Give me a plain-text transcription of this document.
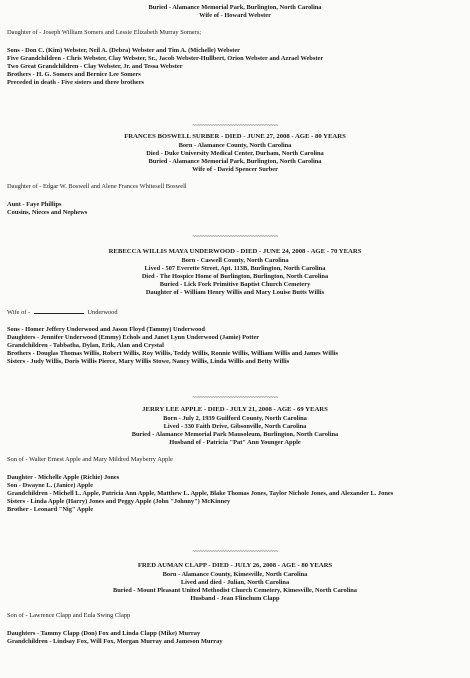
Buried - Alamance Memorial Park, Burlington, North Carolina
Wife of - Howard Webster
Daughter of - Joseph William Somers and Lessie Elizabeth Murray Somers;
Sons - Don C. (Kim) Webster, Neil A. (Debra) Webster and Tim A. (Michelle) Webster
Five Grandchildren - Chris Webster, Clay Webster, Sr., Jacob Webster-Hullbert, Orion Webster and Azrael Webster
Two Great Grandchildren - Clay Webster, Jr. and Tessa Webster
Brothers - H. G. Somers and Bernice Lee Somers
Preceded in death - Five sisters and three brothers
~~~~~~~~~~~~~~~~~~~~~~~~~~~~~~~~~~
FRANCES BOSWELL SURBER - DIED - JUNE 27, 2008 - AGE - 80 YEARS
Born - Alamance County, North Carolina
Died - Duke University Medical Center, Durham, North Carolina
Buried - Alamance Memorial Park, Burlington, North Carolina
Wife of - David Spencer Surber
Daughter of - Edgar W. Boswell and Alene Frances Whitesell Boswell
Aunt - Faye Phillips
Cousins, Nieces and Nephews
~~~~~~~~~~~~~~~~~~~~~~~~~~~~~~~~~~
REBECCA WILLIS MAYA UNDERWOOD - DIED - JUNE 24, 2008 - AGE - 70 YEARS
Born - Caswell County, North Carolina
Lived - 507 Everette Street, Apt. 113B, Burlington, North Carolina
Died - The Hospice Home of Burlington, Burlington, North Carolina
Buried - Lick Fork Primitive Baptist Church Cemetery
Daughter of - William Henry Willis and Mary Louise Butts Willis
Wife of -	Underwood
Sons - Homer Jeffery Underwood and Jason Floyd (Tammy) Underwood
Daughters - Jennifer Underwood (Emmy) Echols and Janet Lynn Underwood (Jamie) Potter
Grandchildren - Tabbatha, Dylan, Erik, Alan and Crystal
Brothers - Douglas Thomas Willis, Robert Willis, Roy Willis, Teddy Willis, Ronnie Willis, William Willis and James Willis
Sisters - Judy Willis, Doris Willis Pierce, Mary Willis Stowe, Nancy Willis, Linda Willis and Betty Willis
~~~~~~~~~~~~~~~~~~~~~~~~~~~~~~~~~~
JERRY LEE APPLE - DIED - JULY 21, 2008 - AGE - 69 YEARS
Born - July 2, 1939 Guilford County, North Carolina
Lived - 330 Faith Drive, Gibsonville, North Carolina
Buried - Alamance Memorial Park Mausoleum, Burlington, North Carolina
Husband of - Patricia "Pat" Ann Younger Apple
Son of - Walter Ernest Apple and Mary Mildred Mayberry Apple
Daughter - Michelle Apple (Richie) Jones
Son - Dwayne L. (Janice) Apple
Grandchildren - Michell L. Apple, Patricia Ann Apple, Matthew L. Apple, Blake Thomas Jones, Taylor Nichole Jones, and Alexander L. Jones
Sisters - Linda Apple (Harry) Jones and Peggy Apple (John "Johnny") McKinney
Brother - Leonard "Nig" Apple
~~~~~~~~~~~~~~~~~~~~~~~~~~~~~~~~~~
FRED AUMAN CLAPP - DIED - JULY 26, 2008 - AGE - 80 YEARS
Born - Alamance County, Kimesville, North Carolina
Lived and died - Julian, North Carolina
Buried - Mount Pleasant United Methodist Church Cemetery, Kimesville, North Carolina
Husband - Jean Flinchum Clapp
Son of - Lawrence Clapp and Eula Swing Clapp
Daughters - Tammy Clapp (Don) Fox and Linda Clapp (Mike) Murray
Grandchildren - Lindsay Fox, Will Fox, Morgan Murray and Jameson Murray
